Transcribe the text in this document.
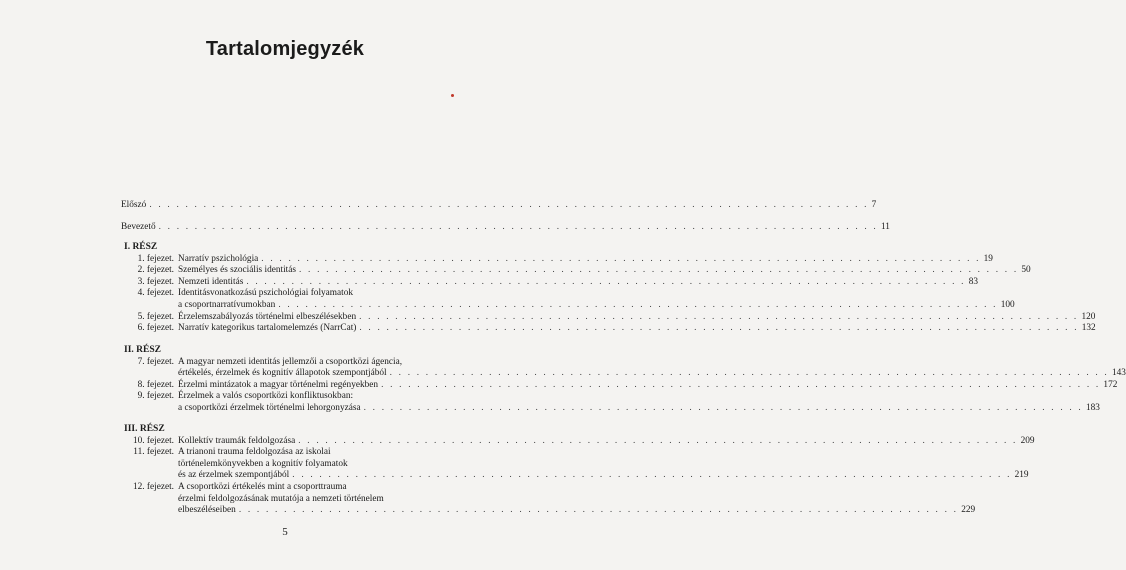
Tartalomjegyzék
Előszó . . . . . . . . . . . . . . . . . . . . . . . . . . . . . . . . . . . . . . . . . . . . . . . . . . . . . . . . . . . . . . . . . . . . . . . . . . . . . . . . 7
Bevezető . . . . . . . . . . . . . . . . . . . . . . . . . . . . . . . . . . . . . . . . . . . . . . . . . . . . . . . . . . . . . . . . . . . . . . . . . . . . . . . . 11
I. RÉSZ
1. fejezet. Narratív pszichológia . . . . . . . . . . . . . . . . . . . . . . . . . . . . . . . . . . . . . . . . . . . . . . . . . . . . . . . . . . . . . . . . . . . . . . . . . . . . . . . . 19
2. fejezet. Személyes és szociális identitás . . . . . . . . . . . . . . . . . . . . . . . . . . . . . . . . . . . . . . . . . . . . . . . . . . . . . . . . . . . . . . . . . . . . . . . . . . . . . . . . 50
3. fejezet. Nemzeti identitás . . . . . . . . . . . . . . . . . . . . . . . . . . . . . . . . . . . . . . . . . . . . . . . . . . . . . . . . . . . . . . . . . . . . . . . . . . . . . . . . 83
4. fejezet. Identitásvonatkozású pszichológiai folyamatok
a csoportnarratívumokban . . . . . . . . . . . . . . . . . . . . . . . . . . . . . . . . . . . . . . . . . . . . . . . . . . . . . . . . . . . . . . . . . . . . . . . . . . . . . . . . 100
5. fejezet. Érzelemszabályozás történelmi elbeszélésekben . . . . . . . . . . . . . . . . . . . . . . . . . . . . . . . . . . . . . . . . . . . . . . . . . . . . . . . . . . . . . . . . . . . . . . . . . . . . . . . . 120
6. fejezet. Narratív kategorikus tartalomelemzés (NarrCat) . . . . . . . . . . . . . . . . . . . . . . . . . . . . . . . . . . . . . . . . . . . . . . . . . . . . . . . . . . . . . . . . . . . . . . . . . . . . . . . . 132
II. RÉSZ
7. fejezet. A magyar nemzeti identitás jellemzői a csoportközi ágencia,
értékelés, érzelmek és kognitív állapotok szempontjából . . . . . . . . . . . . . . . . . . . . . . . . . . . . . . . . . . . . . . . . . . . . . . . . . . . . . . . . . . . . . . . . . . . . . . . . . . . . . . . . 143
8. fejezet. Érzelmi mintázatok a magyar történelmi regényekben . . . . . . . . . . . . . . . . . . . . . . . . . . . . . . . . . . . . . . . . . . . . . . . . . . . . . . . . . . . . . . . . . . . . . . . . . . . . . . . . 172
9. fejezet. Érzelmek a valós csoportközi konfliktusokban:
a csoportközi érzelmek történelmi lehorgonyzása . . . . . . . . . . . . . . . . . . . . . . . . . . . . . . . . . . . . . . . . . . . . . . . . . . . . . . . . . . . . . . . . . . . . . . . . . . . . . . . . 183
III. RÉSZ
10. fejezet. Kollektív traumák feldolgozása . . . . . . . . . . . . . . . . . . . . . . . . . . . . . . . . . . . . . . . . . . . . . . . . . . . . . . . . . . . . . . . . . . . . . . . . . . . . . . . . 209
11. fejezet. A trianoni trauma feldolgozása az iskolai
történelemkönyvekben a kognitív folyamatok
és az érzelmek szempontjából . . . . . . . . . . . . . . . . . . . . . . . . . . . . . . . . . . . . . . . . . . . . . . . . . . . . . . . . . . . . . . . . . . . . . . . . . . . . . . . . 219
12. fejezet. A csoportközi értékelés mint a csoporttrauma
érzelmi feldolgozásának mutatója a nemzeti történelem
elbeszéléseiben . . . . . . . . . . . . . . . . . . . . . . . . . . . . . . . . . . . . . . . . . . . . . . . . . . . . . . . . . . . . . . . . . . . . . . . . . . . . . . . . 229
5
